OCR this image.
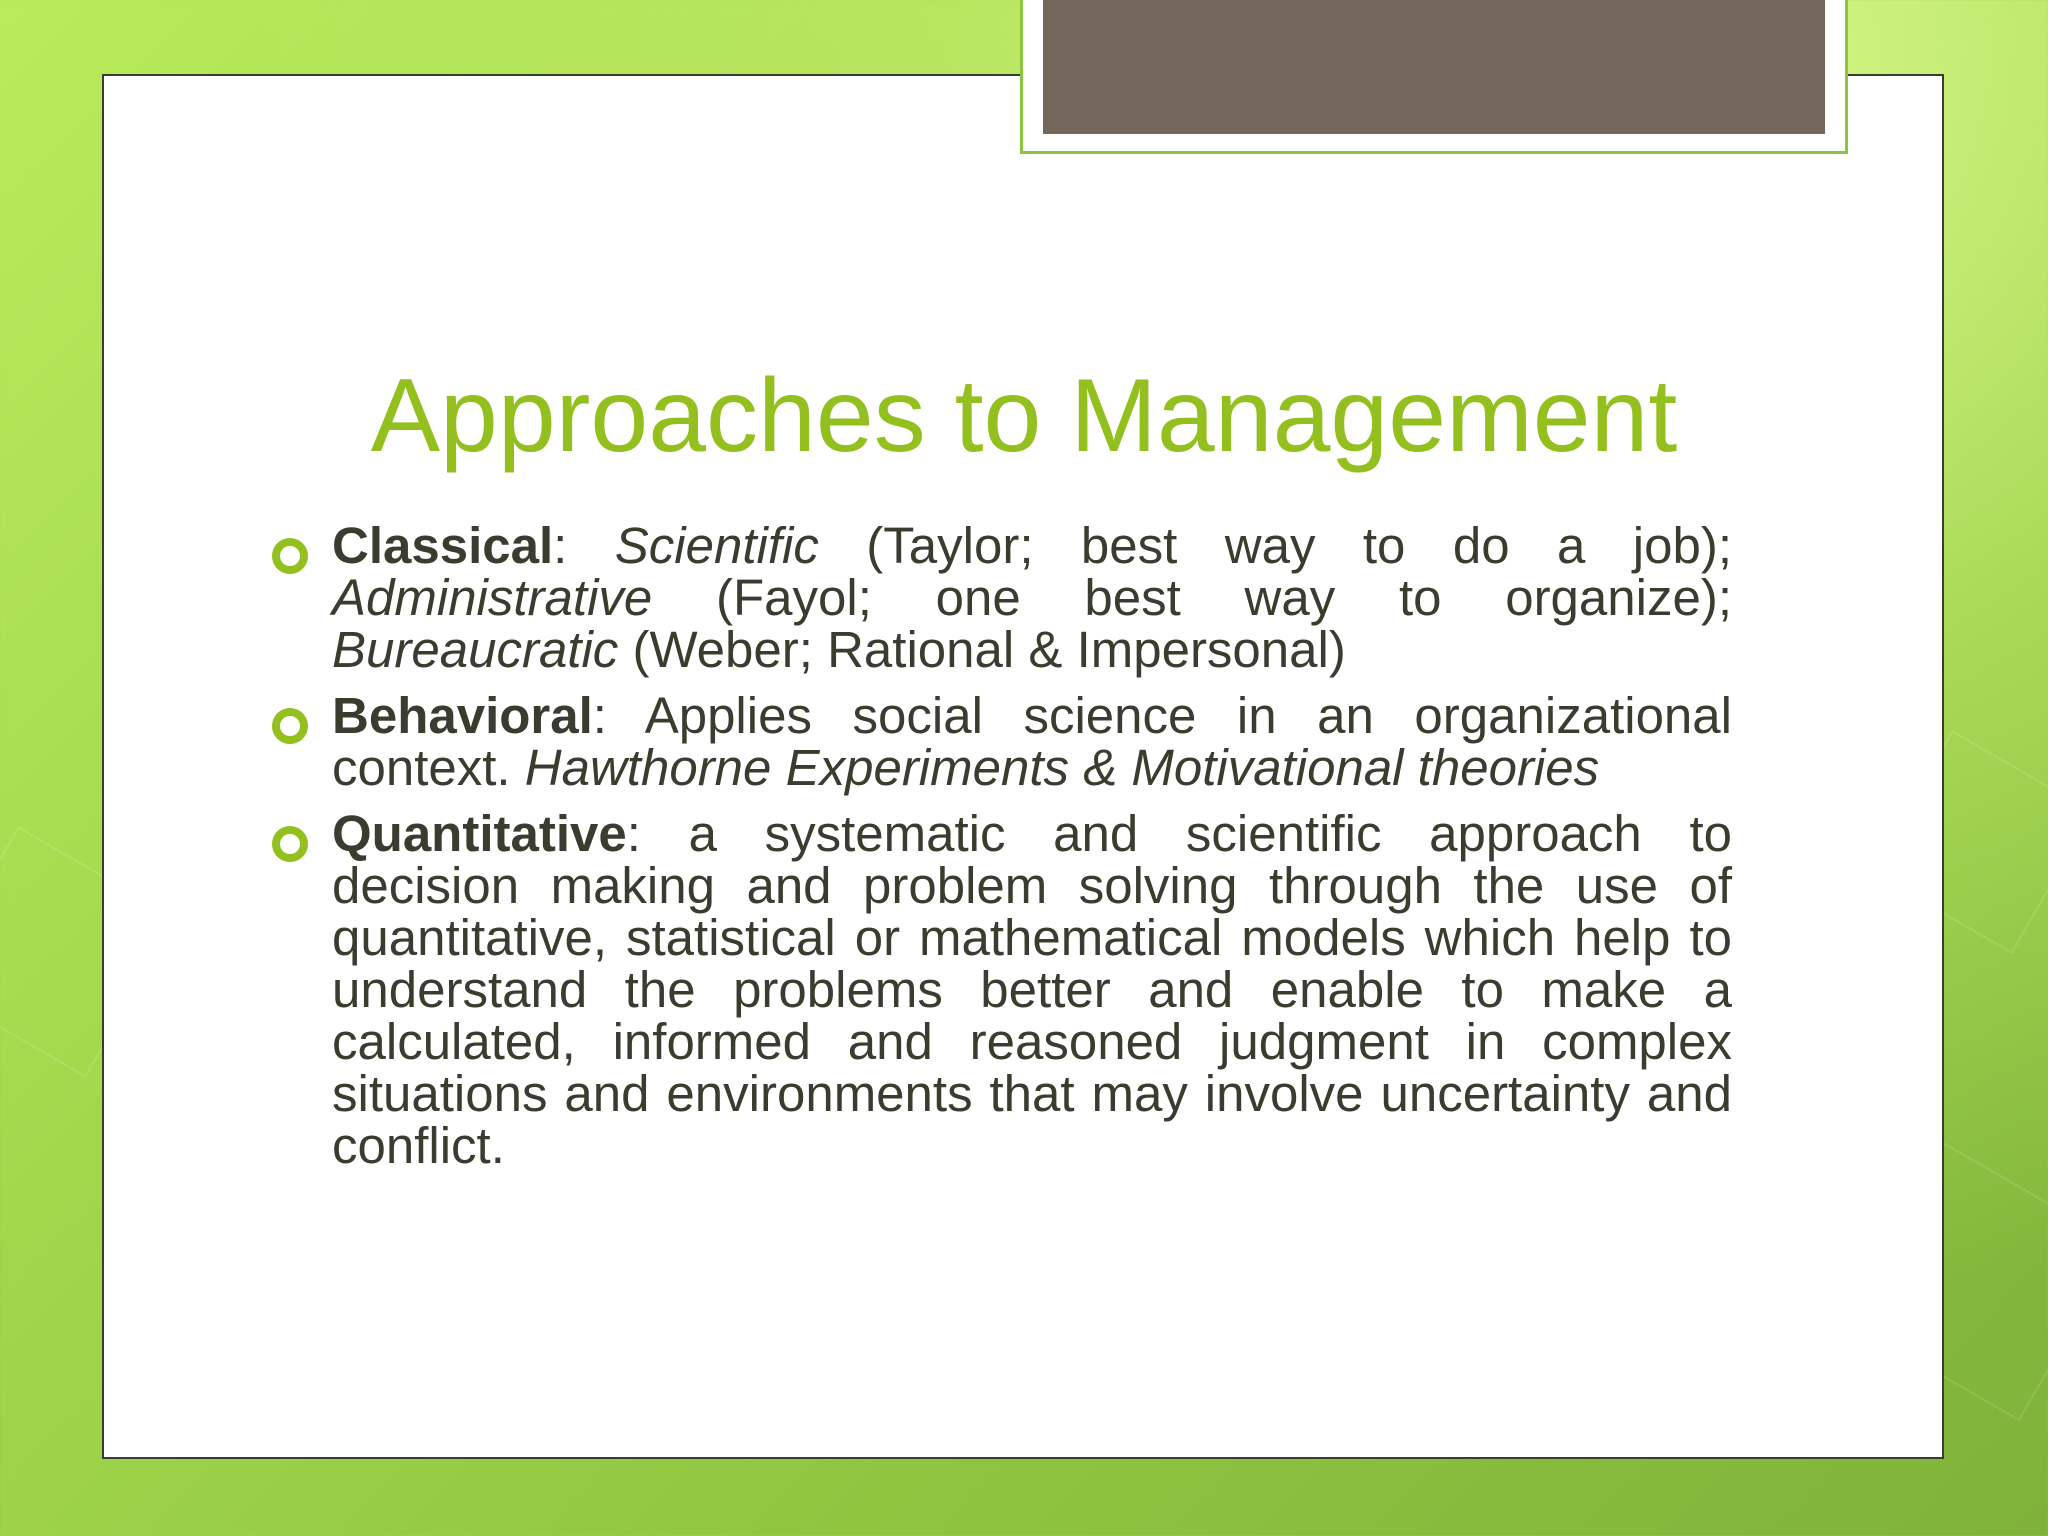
Approaches to Management

Classical: Scientific (Taylor; best way to do a job); Administrative (Fayol; one best way to organize); Bureaucratic (Weber; Rational & Impersonal)

Behavioral: Applies social science in an organizational context. Hawthorne Experiments & Motivational theories

Quantitative: a systematic and scientific approach to decision making and problem solving through the use of quantitative, statistical or mathematical models which help to understand the problems better and enable to make a calculated, informed and reasoned judgment in complex situations and environments that may involve uncertainty and conflict.
